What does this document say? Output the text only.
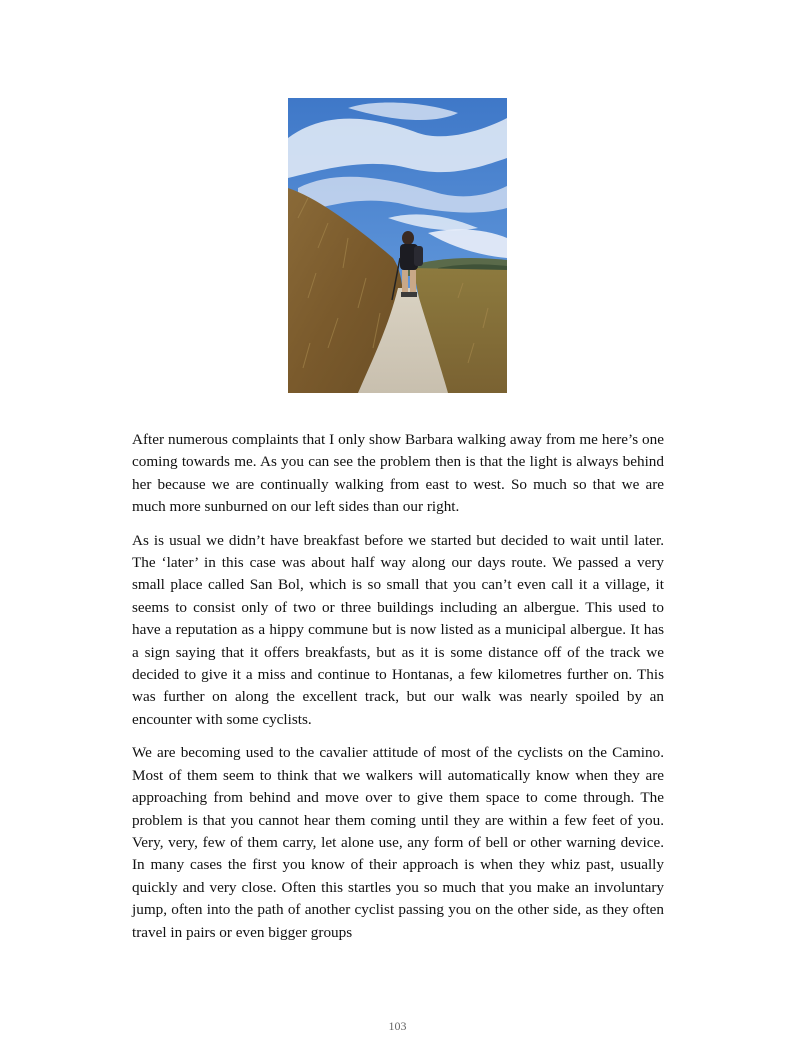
After numerous complaints that I only show Barbara walking away from me here’s one coming towards me. As you can see the problem then is that the light is always behind her because we are continually walking from east to west. So much so that we are much more sunburned on our left sides than our right.

As is usual we didn’t have breakfast before we started but decided to wait until later. The ‘later’ in this case was about half way along our days route. We passed a very small place called San Bol, which is so small that you can’t even call it a village, it seems to consist only of two or three buildings including an albergue. This used to have a reputation as a hippy commune but is now listed as a municipal albergue. It has a sign saying that it offers breakfasts, but as it is some distance off of the track we decided to give it a miss and continue to Hontanas, a few kilometres further on. This was further on along the excellent track, but our walk was nearly spoiled by an encounter with some cyclists.

We are becoming used to the cavalier attitude of most of the cyclists on the Camino. Most of them seem to think that we walkers will automatically know when they are approaching from behind and move over to give them space to come through. The problem is that you cannot hear them coming until they are within a few feet of you. Very, very, few of them carry, let alone use, any form of bell or other warning device. In many cases the first you know of their approach is when they whiz past, usually quickly and very close. Often this startles you so much that you make an involuntary jump, often into the path of another cyclist passing you on the other side, as they often travel in pairs or even bigger groups

103
